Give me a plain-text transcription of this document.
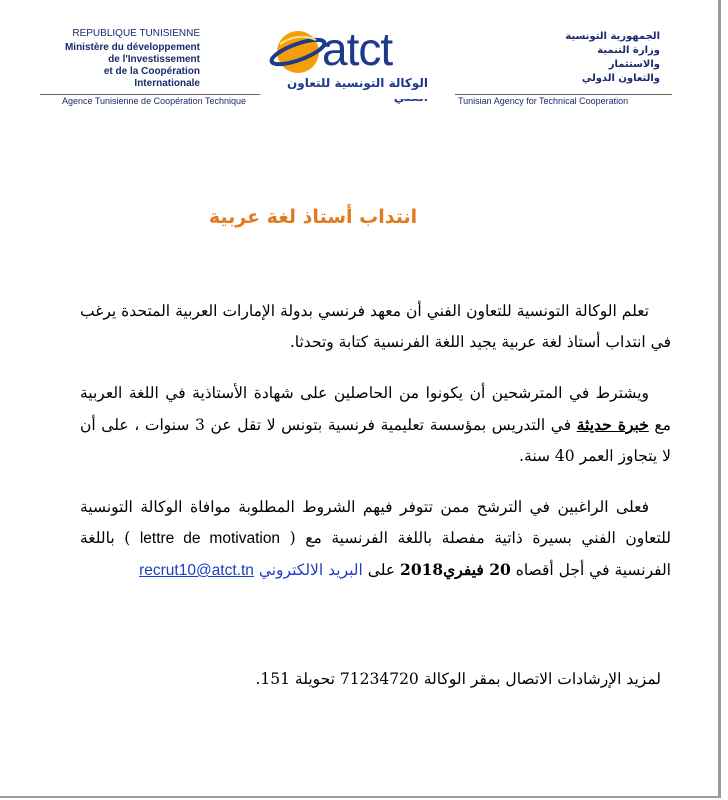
REPUBLIQUE TUNISIENNE
Ministère du développement
de l'Investissement
et de la Coopération Internationale
atct
الوكالة التونسية للتعاون
الجمهورية التونسية
وزارة التنمية والاستثمار
والتعاون الدولي
Agence Tunisienne de Coopération Technique	Tunisian Agency for Technical Cooperation
انتداب أستاذ لغة عربية
تعلم الوكالة التونسية للتعاون الفني أن معهد فرنسي بدولة الإمارات العربية المتحدة يرغب في انتداب أستاذ لغة عربية يجيد اللغة الفرنسية كتابة وتحدثا.
ويشترط في المترشحين أن يكونوا من الحاصلين على شهادة الأستاذية في اللغة العربية مع خبرة حديثة في التدريس بمؤسسة تعليمية فرنسية بتونس لا تقل عن 3 سنوات ، على أن لا يتجاوز العمر 40 سنة.
فعلى الراغبين في الترشح ممن تتوفر فيهم الشروط المطلوبة موافاة الوكالة التونسية للتعاون الفني بسيرة ذاتية مفصلة باللغة الفرنسية مع ( lettre de motivation ) باللغة الفرنسية في أجل أقصاه 20 فيفري2018 على البريد الالكتروني recrut10@atct.tn
لمزيد الإرشادات الاتصال بمقر الوكالة 71234720 تحويلة 151.
